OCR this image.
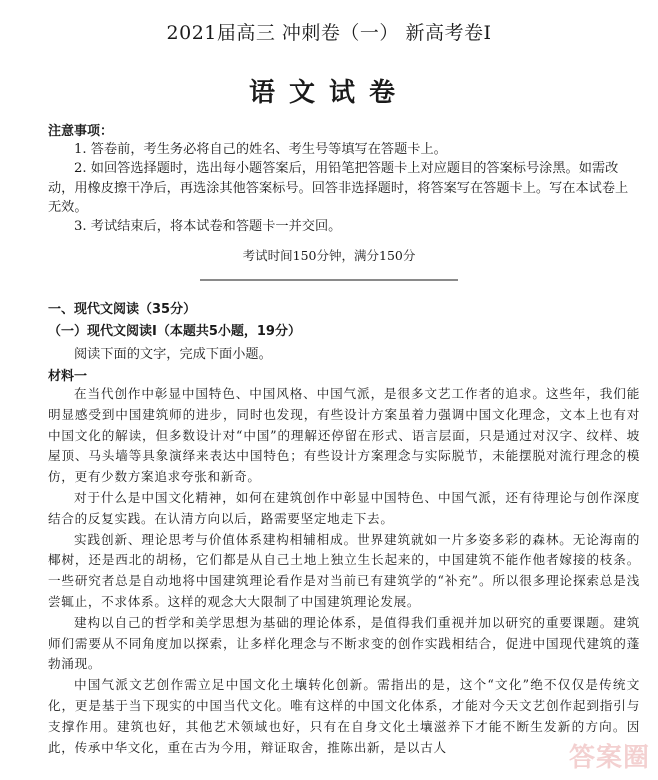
2021届高三 冲刺卷（一） 新高考卷I
语文试卷
注意事项：
1. 答卷前，考生务必将自己的姓名、考生号等填写在答题卡上。
2. 如回答选择题时，选出每小题答案后，用铅笔把答题卡上对应题目的答案标号涂黑。如需改动，用橡皮擦干净后，再选涂其他答案标号。回答非选择题时，将答案写在答题卡上。写在本试卷上无效。
3. 考试结束后，将本试卷和答题卡一并交回。
考试时间150分钟，满分150分
一、现代文阅读（35分）
（一）现代文阅读Ⅰ（本题共5小题，19分）
阅读下面的文字，完成下面小题。
材料一
在当代创作中彰显中国特色、中国风格、中国气派，是很多文艺工作者的追求。这些年，我们能明显感受到中国建筑师的进步，同时也发现，有些设计方案虽着力强调中国文化理念，文本上也有对中国文化的解读，但多数设计对“中国”的理解还停留在形式、语言层面，只是通过对汉字、纹样、坡屋顶、马头墙等具象演绎来表达中国特色；有些设计方案理念与实际脱节，未能摆脱对流行理念的模仿，更有少数方案追求夸张和新奇。
对于什么是中国文化精神，如何在建筑创作中彰显中国特色、中国气派，还有待理论与创作深度结合的反复实践。在认清方向以后，路需要坚定地走下去。
实践创新、理论思考与价值体系建构相辅相成。世界建筑就如一片多姿多彩的森林。无论海南的椰树，还是西北的胡杨，它们都是从自己土地上独立生长起来的，中国建筑不能作他者嫁接的枝条。一些研究者总是自动地将中国建筑理论看作是对当前已有建筑学的“补充”。所以很多理论探索总是浅尝辄止，不求体系。这样的观念大大限制了中国建筑理论发展。
建构以自己的哲学和美学思想为基础的理论体系，是值得我们重视并加以研究的重要课题。建筑师们需要从不同角度加以探索，让多样化理念与不断求变的创作实践相结合，促进中国现代建筑的蓬勃涌现。
中国气派文艺创作需立足中国文化土壤转化创新。需指出的是，这个“文化”绝不仅仅是传统文化，更是基于当下现实的中国当代文化。唯有这样的中国文化体系，才能对今天文艺创作起到指引与支撑作用。建筑也好，其他艺术领域也好，只有在自身文化土壤滋养下才能不断生发新的方向。因此，传承中华文化，重在古为今用，辩证取舍，推陈出新，是以古人	答案圈
